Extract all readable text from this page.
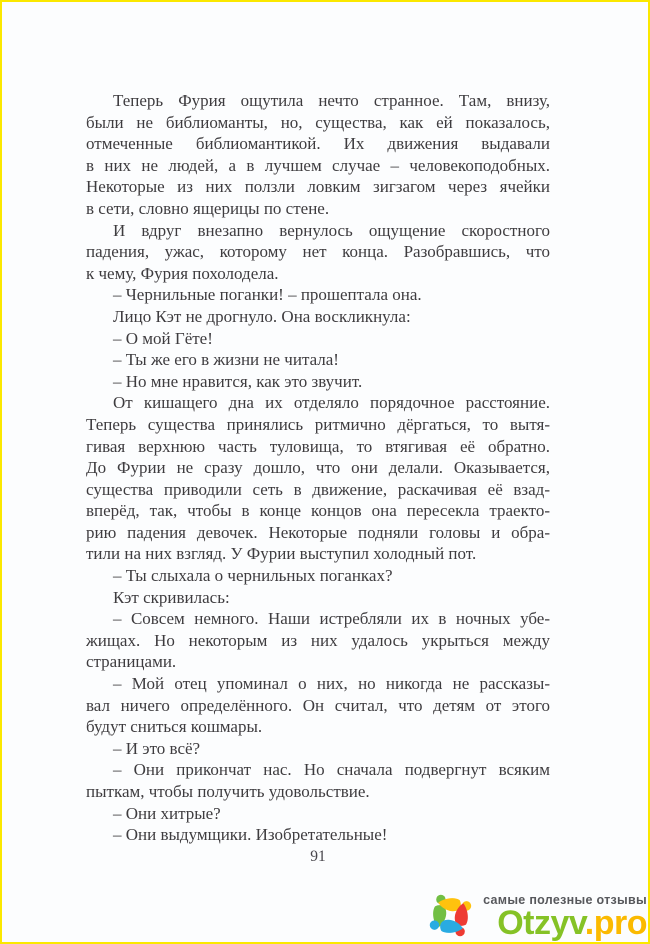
Теперь Фурия ощутила нечто странное. Там, внизу,
были не библиоманты, но, существа, как ей показалось,
отмеченные библиомантикой. Их движения выдавали
в них не людей, а в лучшем случае – человекоподобных.
Некоторые из них ползли ловким зигзагом через ячейки
в сети, словно ящерицы по стене.
И вдруг внезапно вернулось ощущение скоростного
падения, ужас, которому нет конца. Разобравшись, что
к чему, Фурия похолодела.
– Чернильные поганки! – прошептала она.
Лицо Кэт не дрогнуло. Она воскликнула:
– О мой Гёте!
– Ты же его в жизни не читала!
– Но мне нравится, как это звучит.
От кишащего дна их отделяло порядочное расстояние.
Теперь существа принялись ритмично дёргаться, то вытя-
гивая верхнюю часть туловища, то втягивая её обратно.
До Фурии не сразу дошло, что они делали. Оказывается,
существа приводили сеть в движение, раскачивая её взад-
вперёд, так, чтобы в конце концов она пересекла траекто-
рию падения девочек. Некоторые подняли головы и обра-
тили на них взгляд. У Фурии выступил холодный пот.
– Ты слыхала о чернильных поганках?
Кэт скривилась:
– Совсем немного. Наши истребляли их в ночных убе-
жищах. Но некоторым из них удалось укрыться между
страницами.
– Мой отец упоминал о них, но никогда не рассказы-
вал ничего определённого. Он считал, что детям от этого
будут сниться кошмары.
– И это всё?
– Они прикончат нас. Но сначала подвергнут всяким
пыткам, чтобы получить удовольствие.
– Они хитрые?
– Они выдумщики. Изобретательные!
91
самые полезные отзывы
Otzyv.pro
